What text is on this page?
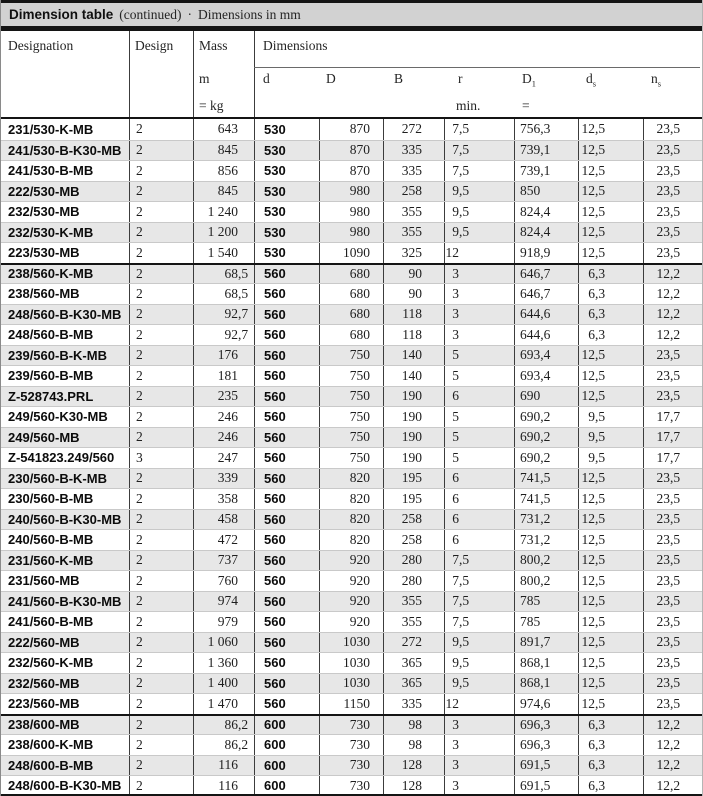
Dimension table (continued) · Dimensions in mm
Designation	Design Mass	Dimensions
m	d	D	B	r	$D_1$	$d_s$	$n_s$
= kg	min.	=
231/530-K-MB	2	643	530	870	272	7 ,5	756,3	12 ,5	23 ,5
241/530-B-K30-MB	2	845	530	870	335	7 ,5	739,1	12 ,5	23 ,5
241/530-B-MB	2	856	530	870	335	7 ,5	739,1	12 ,5	23 ,5
222/530-MB	2	845	530	980	258	9 ,5	850	12 ,5	23 ,5
232/530-MB	2	1 240	530	980	355	9 ,5	824,4	12 ,5	23 ,5
232/530-K-MB	2	1 200	530	980	355	9 ,5	824,4	12 ,5	23 ,5
223/530-MB	2	1 540	530	1090	325	12	918,9	12 ,5	23 ,5
238/560-K-MB	2	68 ,5	560	680	90	3	646,7	6 ,3	12 ,2
238/560-MB	2	68 ,5	560	680	90	3	646,7	6 ,3	12 ,2
248/560-B-K30-MB	2	92 ,7	560	680	118	3	644,6	6 ,3	12 ,2
248/560-B-MB	2	92 ,7	560	680	118	3	644,6	6 ,3	12 ,2
239/560-B-K-MB	2	176	560	750	140	5	693,4	12 ,5	23 ,5
239/560-B-MB	2	181	560	750	140	5	693,4	12 ,5	23 ,5
Z-528743.PRL	2	235	560	750	190	6	690	12 ,5	23 ,5
249/560-K30-MB	2	246	560	750	190	5	690,2	9 ,5	17 ,7
249/560-MB	2	246	560	750	190	5	690,2	9 ,5	17 ,7
Z-541823.249/560	3	247	560	750	190	5	690,2	9 ,5	17 ,7
230/560-B-K-MB	2	339	560	820	195	6	741,5	12 ,5	23 ,5
230/560-B-MB	2	358	560	820	195	6	741,5	12 ,5	23 ,5
240/560-B-K30-MB	2	458	560	820	258	6	731,2	12 ,5	23 ,5
240/560-B-MB	2	472	560	820	258	6	731,2	12 ,5	23 ,5
231/560-K-MB	2	737	560	920	280	7 ,5	800,2	12 ,5	23 ,5
231/560-MB	2	760	560	920	280	7 ,5	800,2	12 ,5	23 ,5
241/560-B-K30-MB	2	974	560	920	355	7 ,5	785	12 ,5	23 ,5
241/560-B-MB	2	979	560	920	355	7 ,5	785	12 ,5	23 ,5
222/560-MB	2	1 060	560	1030	272	9 ,5	891,7	12 ,5	23 ,5
232/560-K-MB	2	1 360	560	1030	365	9 ,5	868,1	12 ,5	23 ,5
232/560-MB	2	1 400	560	1030	365	9 ,5	868,1	12 ,5	23 ,5
223/560-MB	2	1 470	560	1150	335	12	974,6	12 ,5	23 ,5
238/600-MB	2	86 ,2	600	730	98	3	696,3	6 ,3	12 ,2
238/600-K-MB	2	86 ,2	600	730	98	3	696,3	6 ,3	12 ,2
248/600-B-MB	2	116	600	730	128	3	691,5	6 ,3	12 ,2
248/600-B-K30-MB	2	116	600	730	128	3	691,5	6 ,3	12 ,2
